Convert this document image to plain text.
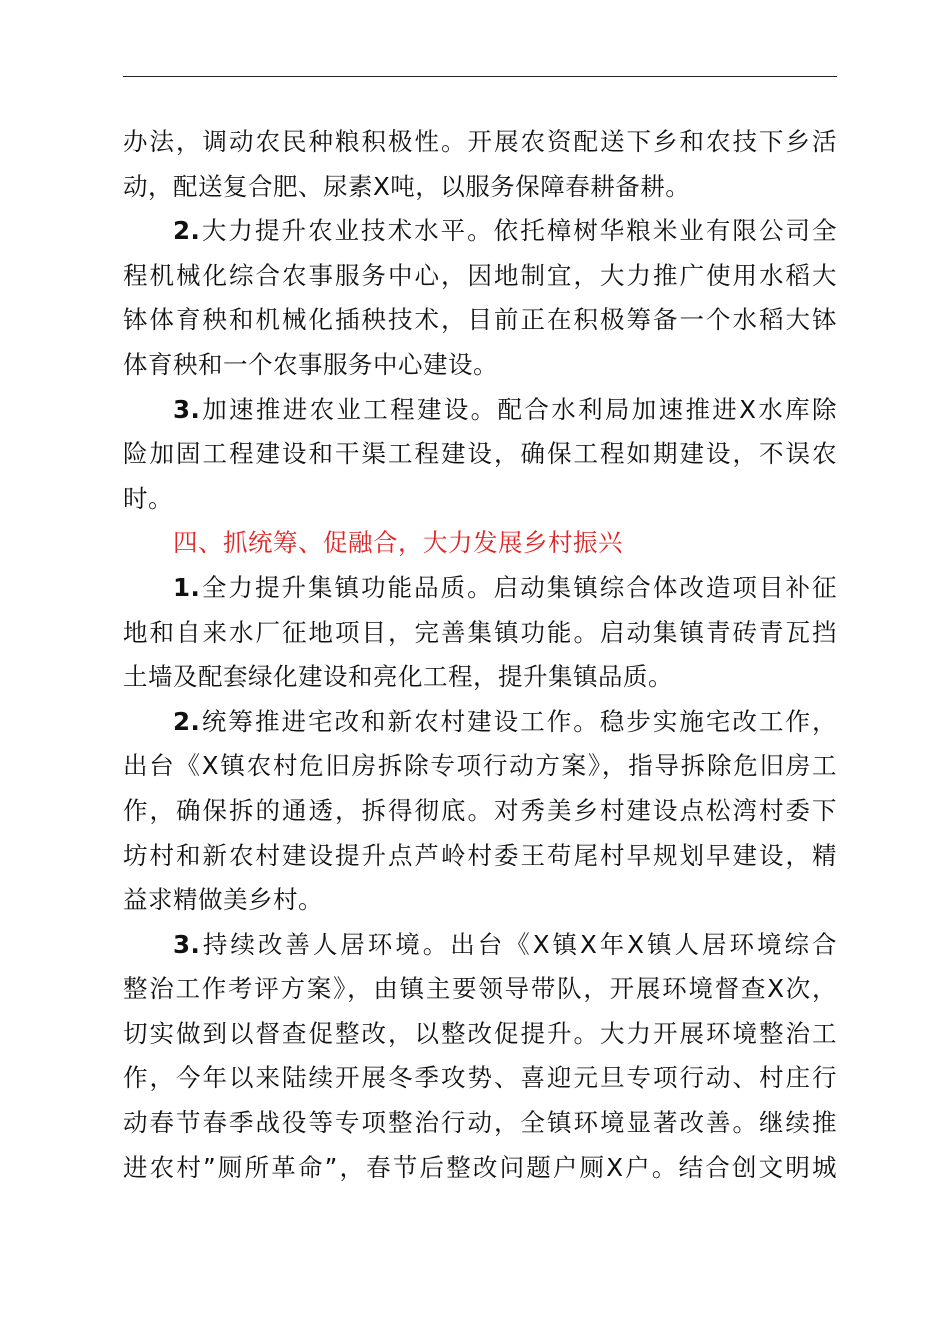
办法，调动农民种粮积极性。开展农资配送下乡和农技下乡活
动，配送复合肥、尿素X吨，以服务保障春耕备耕。
2.大力提升农业技术水平。依托樟树华粮米业有限公司全
程机械化综合农事服务中心，因地制宜，大力推广使用水稻大
钵体育秧和机械化插秧技术，目前正在积极筹备一个水稻大钵
体育秧和一个农事服务中心建设。
3.加速推进农业工程建设。配合水利局加速推进X水库除
险加固工程建设和干渠工程建设，确保工程如期建设，不误农
时。
四、抓统筹、促融合，大力发展乡村振兴
1.全力提升集镇功能品质。启动集镇综合体改造项目补征
地和自来水厂征地项目，完善集镇功能。启动集镇青砖青瓦挡
土墙及配套绿化建设和亮化工程，提升集镇品质。
2.统筹推进宅改和新农村建设工作。稳步实施宅改工作，
出台《X镇农村危旧房拆除专项行动方案》，指导拆除危旧房工
作，确保拆的通透，拆得彻底。对秀美乡村建设点松湾村委下
坊村和新农村建设提升点芦岭村委王苟尾村早规划早建设，精
益求精做美乡村。
3.持续改善人居环境。出台《X镇X年X镇人居环境综合
整治工作考评方案》，由镇主要领导带队，开展环境督查X次，
切实做到以督查促整改，以整改促提升。大力开展环境整治工
作，今年以来陆续开展冬季攻势、喜迎元旦专项行动、村庄行
动春节春季战役等专项整治行动，全镇环境显著改善。继续推
进农村”厕所革命”，春节后整改问题户厕X户。结合创文明城
